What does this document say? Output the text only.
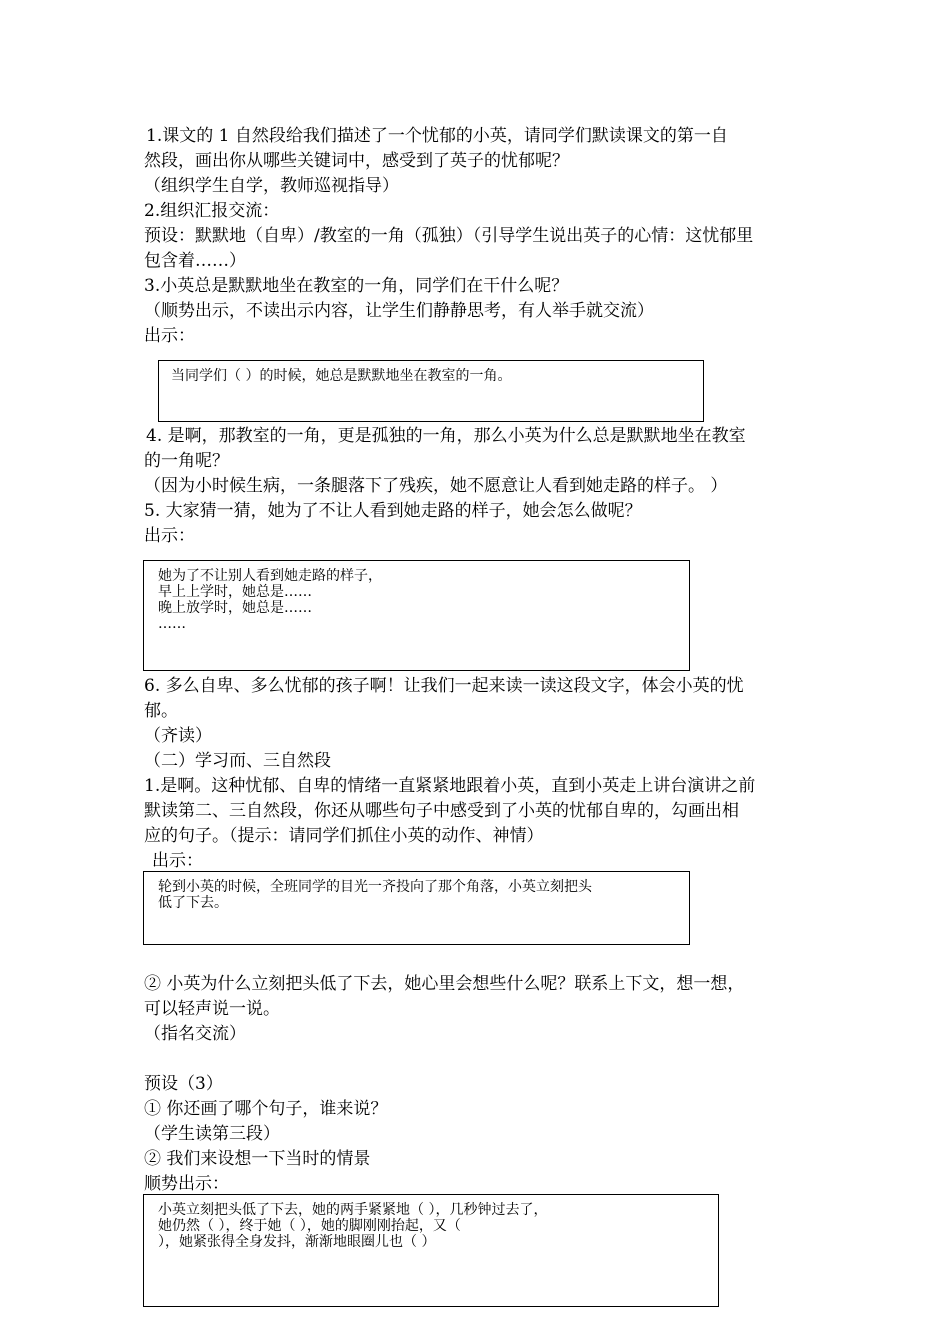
1.课文的 1 自然段给我们描述了一个忧郁的小英，请同学们默读课文的第一自
然段，画出你从哪些关键词中，感受到了英子的忧郁呢？
（组织学生自学，教师巡视指导）
2.组织汇报交流：
预设：默默地（自卑）/教室的一角（孤独）（引导学生说出英子的心情：这忧郁里
包含着……）
3.小英总是默默地坐在教室的一角，同学们在干什么呢？
（顺势出示，不读出示内容，让学生们静静思考，有人举手就交流）
出示：
当同学们（ ）的时候，她总是默默地坐在教室的一角。
4. 是啊，那教室的一角，更是孤独的一角，那么小英为什么总是默默地坐在教室
的一角呢？
（因为小时候生病，一条腿落下了残疾，她不愿意让人看到她走路的样子。 ）
5. 大家猜一猜，她为了不让人看到她走路的样子，她会怎么做呢？
出示：
她为了不让别人看到她走路的样子，
早上上学时，她总是……
晚上放学时，她总是……
……
6. 多么自卑、多么忧郁的孩子啊！让我们一起来读一读这段文字，体会小英的忧
郁。
（齐读）
（二）学习而、三自然段
1.是啊。这种忧郁、自卑的情绪一直紧紧地跟着小英，直到小英走上讲台演讲之前
默读第二、三自然段，你还从哪些句子中感受到了小英的忧郁自卑的，勾画出相
应的句子。（提示：请同学们抓住小英的动作、神情）
出示：
轮到小英的时候，全班同学的目光一齐投向了那个角落，小英立刻把头
低了下去。
② 小英为什么立刻把头低了下去，她心里会想些什么呢？联系上下文，想一想，
可以轻声说一说。
（指名交流）
预设（3）
① 你还画了哪个句子，谁来说？
（学生读第三段）
② 我们来设想一下当时的情景
顺势出示：
小英立刻把头低了下去，她的两手紧紧地（ ），几秒钟过去了，
她仍然（ ），终于她（ ），她的脚刚刚抬起，又（
），她紧张得全身发抖，渐渐地眼圈儿也（ ）
